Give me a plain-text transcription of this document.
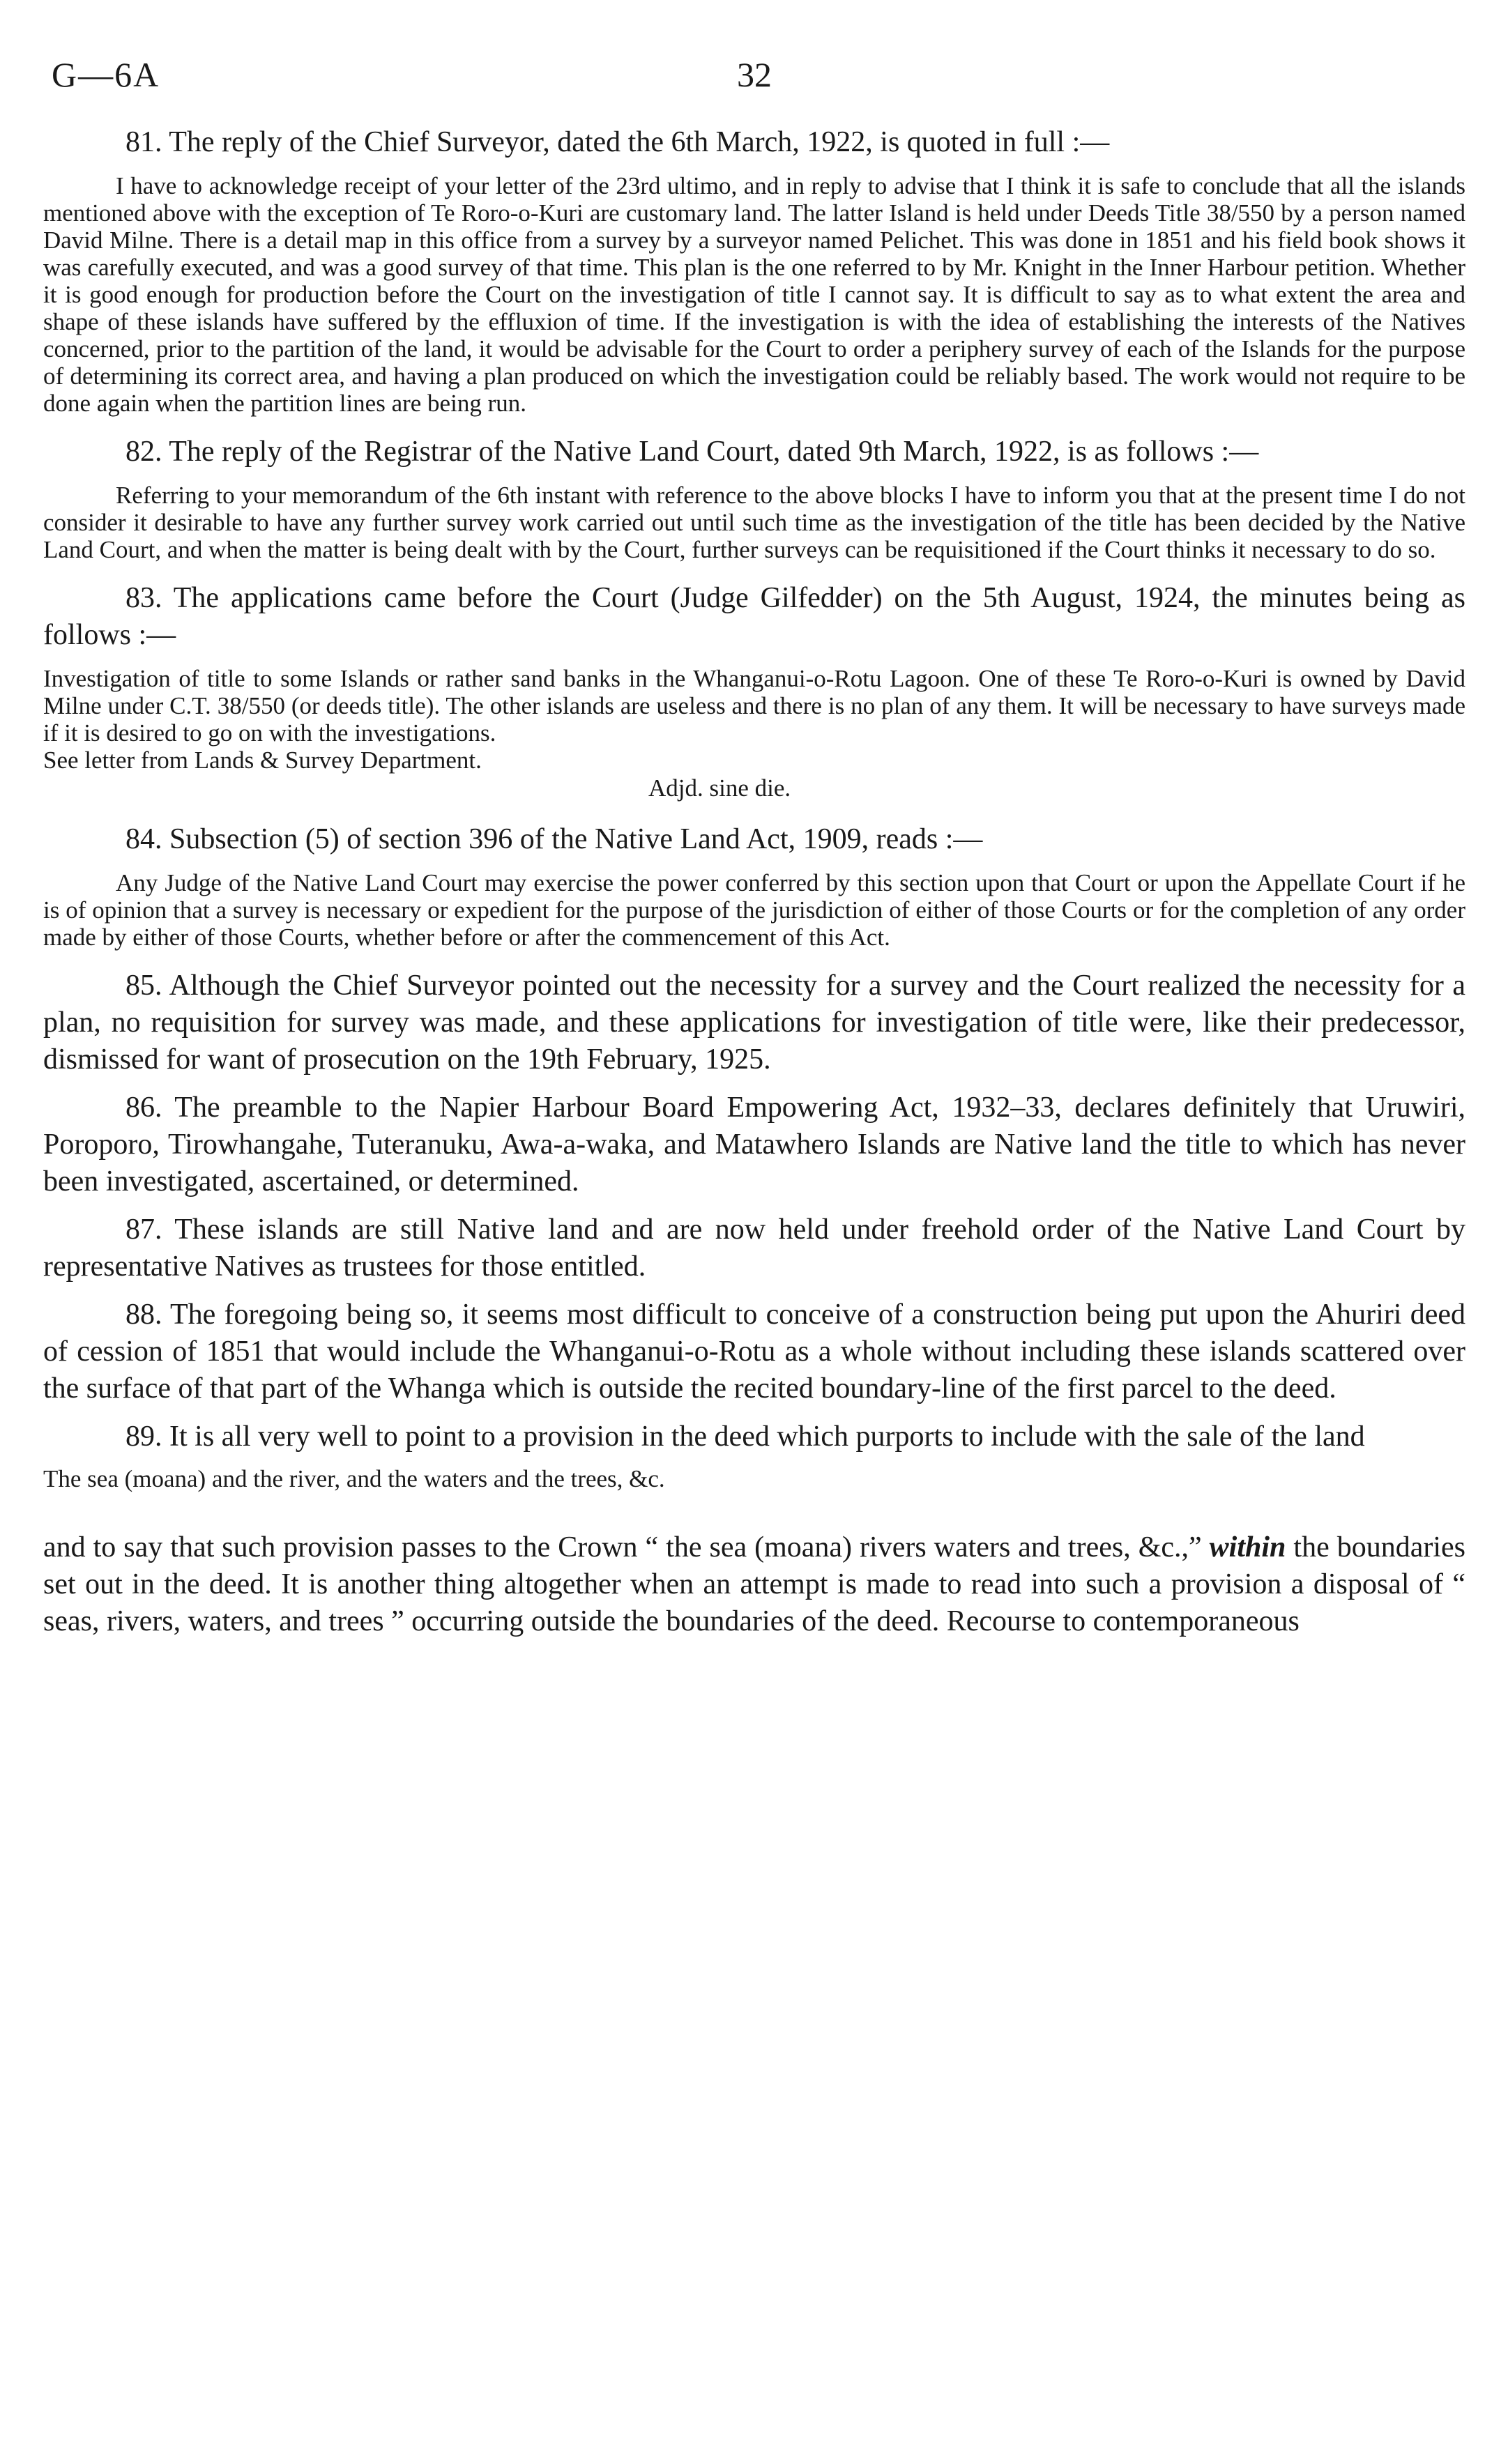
G—6A	32

81. The reply of the Chief Surveyor, dated the 6th March, 1922, is quoted in full :—

I have to acknowledge receipt of your letter of the 23rd ultimo, and in reply to advise that I think it is safe to conclude that all the islands mentioned above with the exception of Te Roro-o-Kuri are customary land. The latter Island is held under Deeds Title 38/550 by a person named David Milne. There is a detail map in this office from a survey by a surveyor named Pelichet. This was done in 1851 and his field book shows it was carefully executed, and was a good survey of that time. This plan is the one referred to by Mr. Knight in the Inner Harbour petition. Whether it is good enough for production before the Court on the investigation of title I cannot say. It is difficult to say as to what extent the area and shape of these islands have suffered by the effluxion of time. If the investigation is with the idea of establishing the interests of the Natives concerned, prior to the partition of the land, it would be advisable for the Court to order a periphery survey of each of the Islands for the purpose of determining its correct area, and having a plan produced on which the investigation could be reliably based. The work would not require to be done again when the partition lines are being run.

82. The reply of the Registrar of the Native Land Court, dated 9th March, 1922, is as follows :—

Referring to your memorandum of the 6th instant with reference to the above blocks I have to inform you that at the present time I do not consider it desirable to have any further survey work carried out until such time as the investigation of the title has been decided by the Native Land Court, and when the matter is being dealt with by the Court, further surveys can be requisitioned if the Court thinks it necessary to do so.

83. The applications came before the Court (Judge Gilfedder) on the 5th August, 1924, the minutes being as follows :—

Investigation of title to some Islands or rather sand banks in the Whanganui-o-Rotu Lagoon. One of these Te Roro-o-Kuri is owned by David Milne under C.T. 38/550 (or deeds title). The other islands are useless and there is no plan of any them. It will be necessary to have surveys made if it is desired to go on with the investigations.

See letter from Lands & Survey Department.

Adjd. sine die.

84. Subsection (5) of section 396 of the Native Land Act, 1909, reads :—

Any Judge of the Native Land Court may exercise the power conferred by this section upon that Court or upon the Appellate Court if he is of opinion that a survey is necessary or expedient for the purpose of the jurisdiction of either of those Courts or for the completion of any order made by either of those Courts, whether before or after the commencement of this Act.

85. Although the Chief Surveyor pointed out the necessity for a survey and the Court realized the necessity for a plan, no requisition for survey was made, and these applications for investigation of title were, like their predecessor, dismissed for want of prosecution on the 19th February, 1925.

86. The preamble to the Napier Harbour Board Empowering Act, 1932–33, declares definitely that Uruwiri, Poroporo, Tirowhangahe, Tuteranuku, Awa-a-waka, and Matawhero Islands are Native land the title to which has never been investigated, ascertained, or determined.

87. These islands are still Native land and are now held under freehold order of the Native Land Court by representative Natives as trustees for those entitled.

88. The foregoing being so, it seems most difficult to conceive of a construction being put upon the Ahuriri deed of cession of 1851 that would include the Whanganui-o-Rotu as a whole without including these islands scattered over the surface of that part of the Whanga which is outside the recited boundary-line of the first parcel to the deed.

89. It is all very well to point to a provision in the deed which purports to include with the sale of the land

The sea (moana) and the river, and the waters and the trees, &c.

and to say that such provision passes to the Crown “ the sea (moana) rivers waters and trees, &c.,” within the boundaries set out in the deed. It is another thing altogether when an attempt is made to read into such a provision a disposal of “ seas, rivers, waters, and trees ” occurring outside the boundaries of the deed. Recourse to contemporaneous
